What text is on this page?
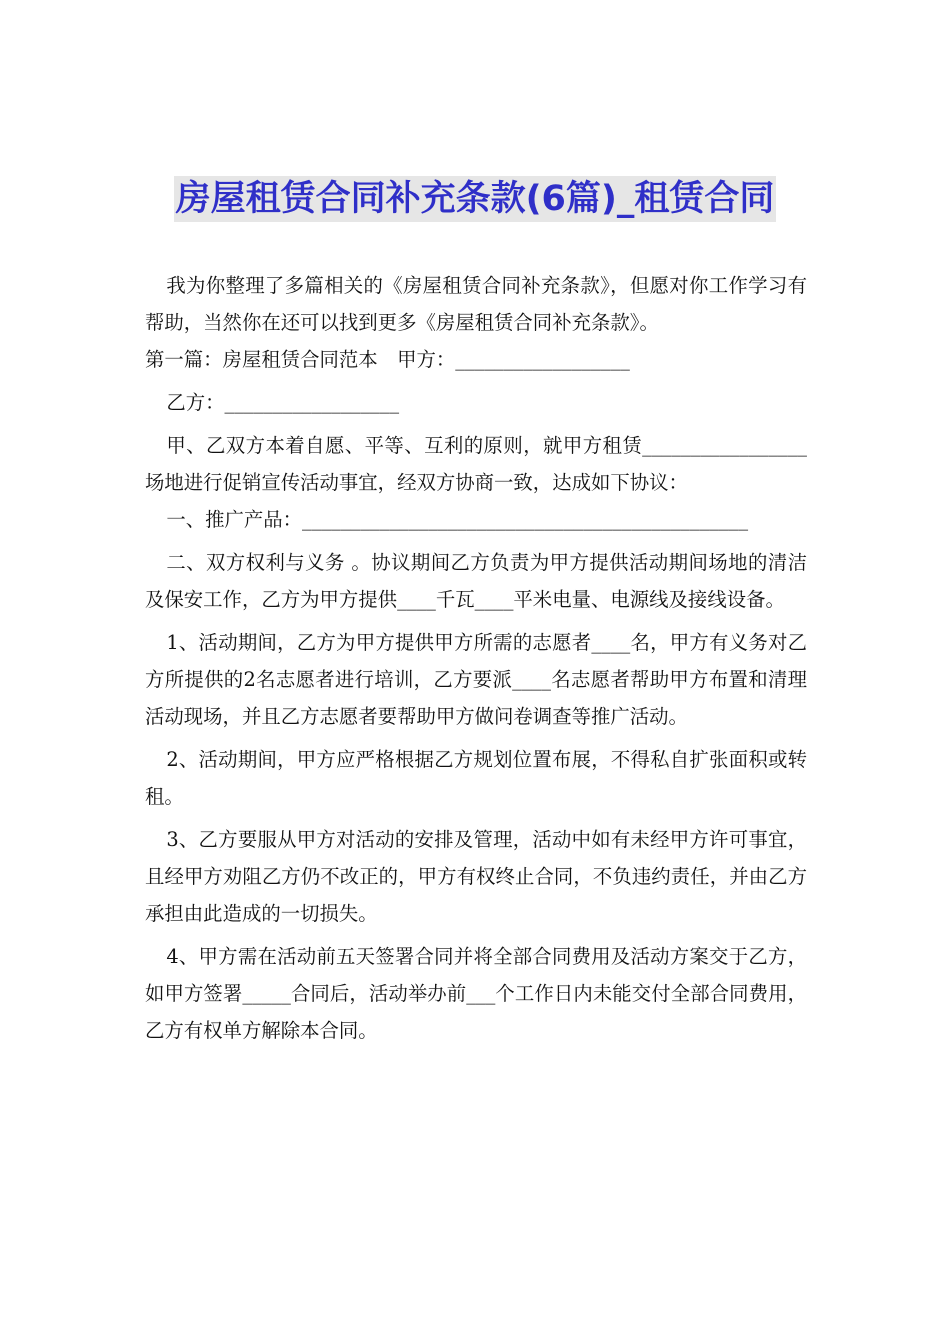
房屋租赁合同补充条款(6篇)_租赁合同

我为你整理了多篇相关的《房屋租赁合同补充条款》，但愿对你工作学习有帮助，当然你在还可以找到更多《房屋租赁合同补充条款》。

第一篇：房屋租赁合同范本　甲方：__________________

乙方：__________________

甲、乙双方本着自愿、平等、互利的原则，就甲方租赁_________________场地进行促销宣传活动事宜，经双方协商一致，达成如下协议：

一、推广产品：______________________________________________

二、双方权利与义务 。协议期间乙方负责为甲方提供活动期间场地的清洁及保安工作，乙方为甲方提供____千瓦____平米电量、电源线及接线设备。

1、活动期间，乙方为甲方提供甲方所需的志愿者____名，甲方有义务对乙方所提供的2名志愿者进行培训，乙方要派____名志愿者帮助甲方布置和清理活动现场，并且乙方志愿者要帮助甲方做问卷调查等推广活动。

2、活动期间，甲方应严格根据乙方规划位置布展，不得私自扩张面积或转租。

3、乙方要服从甲方对活动的安排及管理，活动中如有未经甲方许可事宜，且经甲方劝阻乙方仍不改正的，甲方有权终止合同，不负违约责任，并由乙方承担由此造成的一切损失。

4、甲方需在活动前五天签署合同并将全部合同费用及活动方案交于乙方，如甲方签署_____合同后，活动举办前___个工作日内未能交付全部合同费用，乙方有权单方解除本合同。
